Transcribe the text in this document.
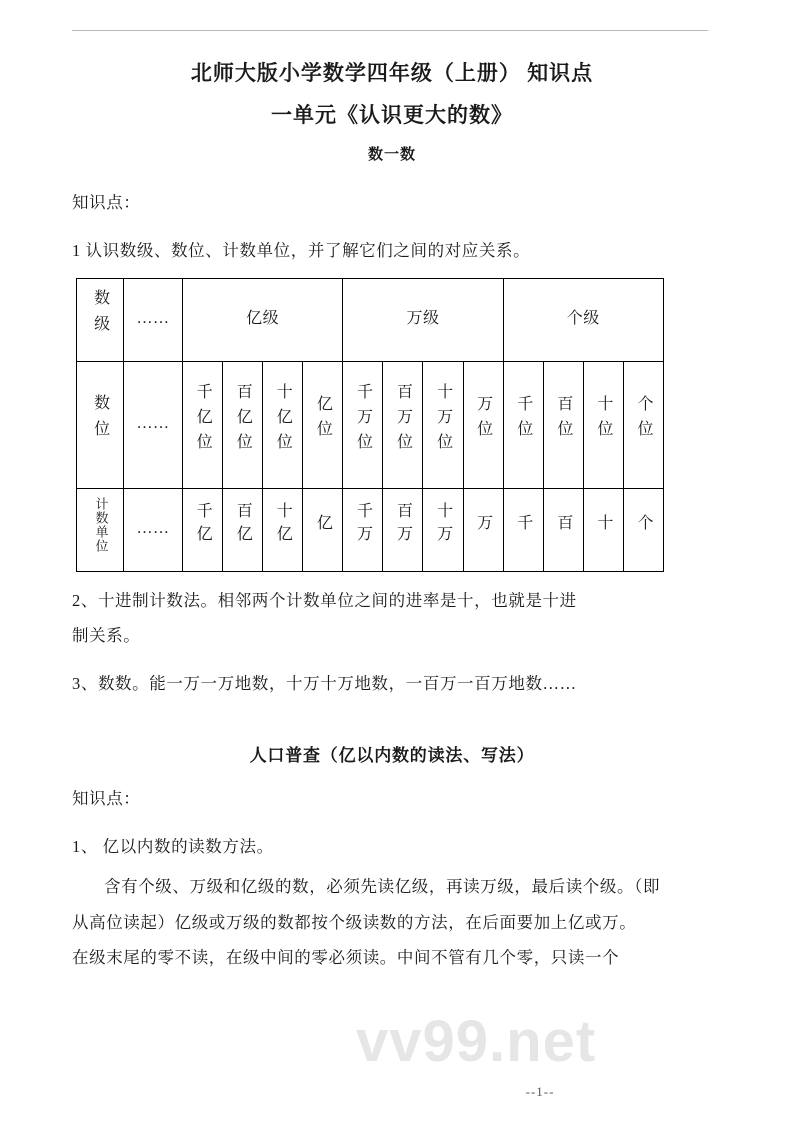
北师大版小学数学四年级（上册） 知识点
一单元《认识更大的数》
数一数
知识点：
1 认识数级、数位、计数单位，并了解它们之间的对应关系。
数级	……	亿级				万级				个级			
数位	……	千亿位	百亿位	十亿位	亿位	千万位	百万位	十万位	万位	千位	百位	十位	个位
计数单位	……	千亿	百亿	十亿	亿	千万	百万	十万	万	千	百	十	个
2、十进制计数法。相邻两个计数单位之间的进率是十，也就是十进
制关系。
3、数数。能一万一万地数，十万十万地数，一百万一百万地数……
人口普查（亿以内数的读法、写法）
知识点：
1、 亿以内数的读数方法。
含有个级、万级和亿级的数，必须先读亿级，再读万级，最后读个级。（即
从高位读起）亿级或万级的数都按个级读数的方法，在后面要加上亿或万。
在级末尾的零不读，在级中间的零必须读。中间不管有几个零，只读一个
vv99.net
--1--
